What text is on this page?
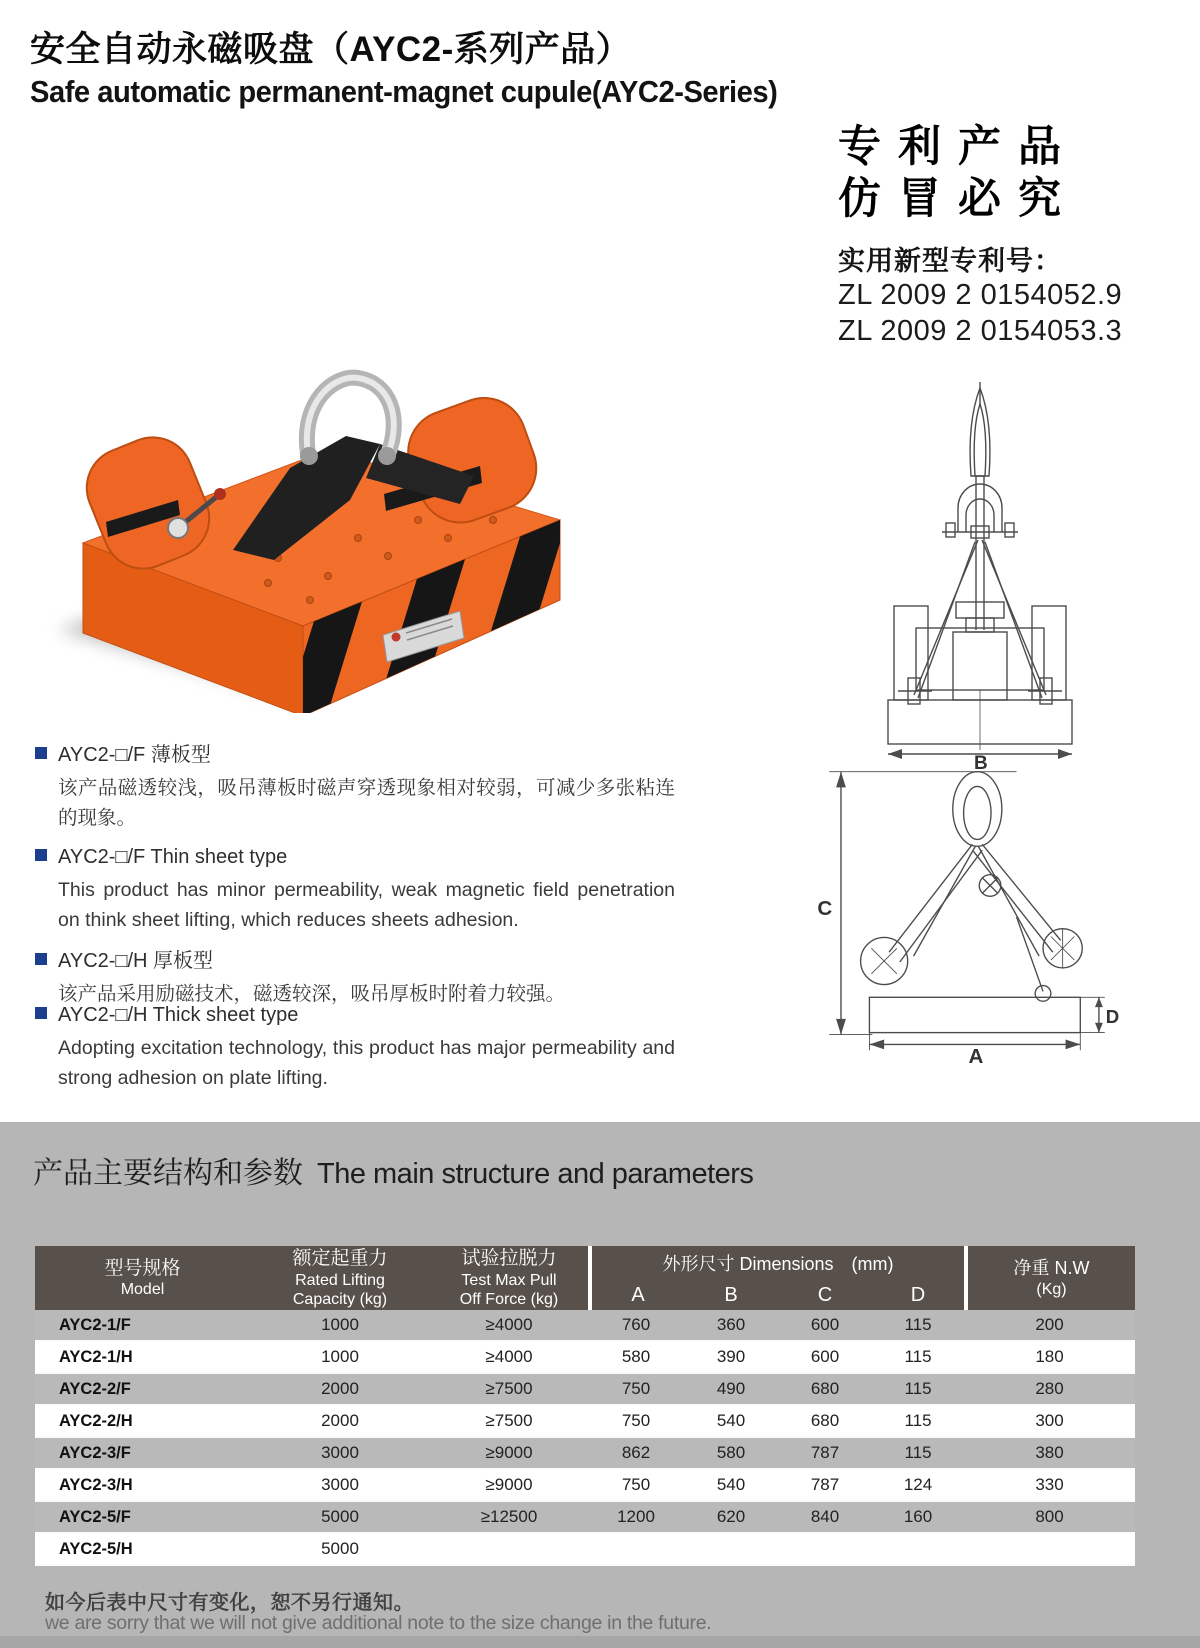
安全自动永磁吸盘（AYC2-系列产品）
Safe automatic permanent-magnet cupule(AYC2-Series)
专利产品
仿冒必究
实用新型专利号：
ZL 2009 2 0154052.9
ZL 2009 2 0154053.3
B
C
D
A
AYC2-□/F 薄板型
该产品磁透较浅，吸吊薄板时磁声穿透现象相对较弱，可减少多张粘连的现象。
AYC2-□/F Thin sheet type
This product has minor permeability, weak magnetic field penetration on think sheet lifting, which reduces sheets adhesion.
AYC2-□/H 厚板型
该产品采用励磁技术，磁透较深，吸吊厚板时附着力较强。
AYC2-□/H Thick sheet type
Adopting excitation technology, this product has major permeability and strong adhesion on plate lifting.
产品主要结构和参数 The main structure and parameters
型号规格
Model

额定起重力
Rated Lifting
Capacity (kg)

试验拉脱力
Test Max Pull
Off Force (kg)
	外形尺寸 Dimensions　(mm)	净重 N.W
(Kg)

			A	B	C	D	
AYC2-1/F	1000	≥4000	760	360	600	115	200
AYC2-1/H	1000	≥4000	580	390	600	115	180
AYC2-2/F	2000	≥7500	750	490	680	115	280
AYC2-2/H	2000	≥7500	750	540	680	115	300
AYC2-3/F	3000	≥9000	862	580	787	115	380
AYC2-3/H	3000	≥9000	750	540	787	124	330
AYC2-5/F	5000	≥12500	1200	620	840	160	800
AYC2-5/H	5000						
如今后表中尺寸有变化，恕不另行通知。
we are sorry that we will not give additional note to the size change in the future.
